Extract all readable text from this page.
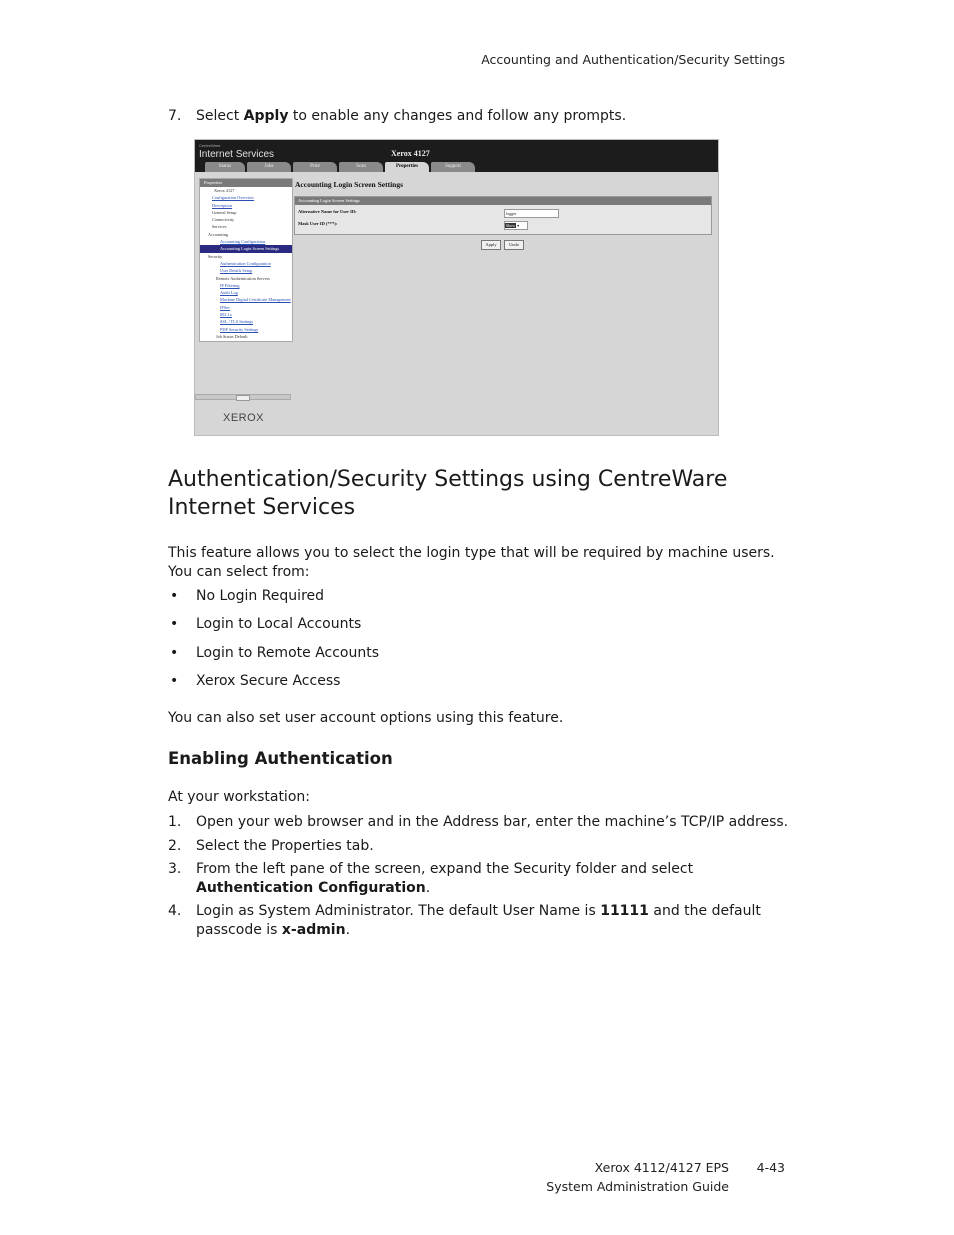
Accounting and Authentication/Security Settings
7.	Select Apply to enable any changes and follow any prompts.
CentreWare
Internet Services	Xerox 4127
Status	Jobs	Print	Scan	Properties	Support
Properties
Xerox 4127
Configuration Overview
Description
General Setup
Connectivity
Services
Accounting
Accounting Configuration
Accounting Login Screen Settings
Security
Authentication Configuration
User Details Setup
Remote Authentication Servers
IP Filtering
Audit Log
Machine Digital Certificate Management
IPSec
802.1x
SSL / TLS Settings
PDF Security Settings
Job Status Default
XEROX
Accounting Login Screen Settings
Accounting Login Screen Settings
Alternative Name for User ID:	logger
Mask User ID (***):	Show ▾
Apply	Undo
Authentication/Security Settings using CentreWare Internet Services
This feature allows you to select the login type that will be required by machine users. You can select from:
• No Login Required
• Login to Local Accounts
• Login to Remote Accounts
• Xerox Secure Access
You can also set user account options using this feature.
Enabling Authentication
At your workstation:
1.	Open your web browser and in the Address bar, enter the machine’s TCP/IP address.
2.	Select the Properties tab.
3.	From the left pane of the screen, expand the Security folder and select Authentication Configuration.
4.	Login as System Administrator. The default User Name is 11111 and the default passcode is x-admin.
Xerox 4112/4127 EPS
System Administration Guide
4-43
